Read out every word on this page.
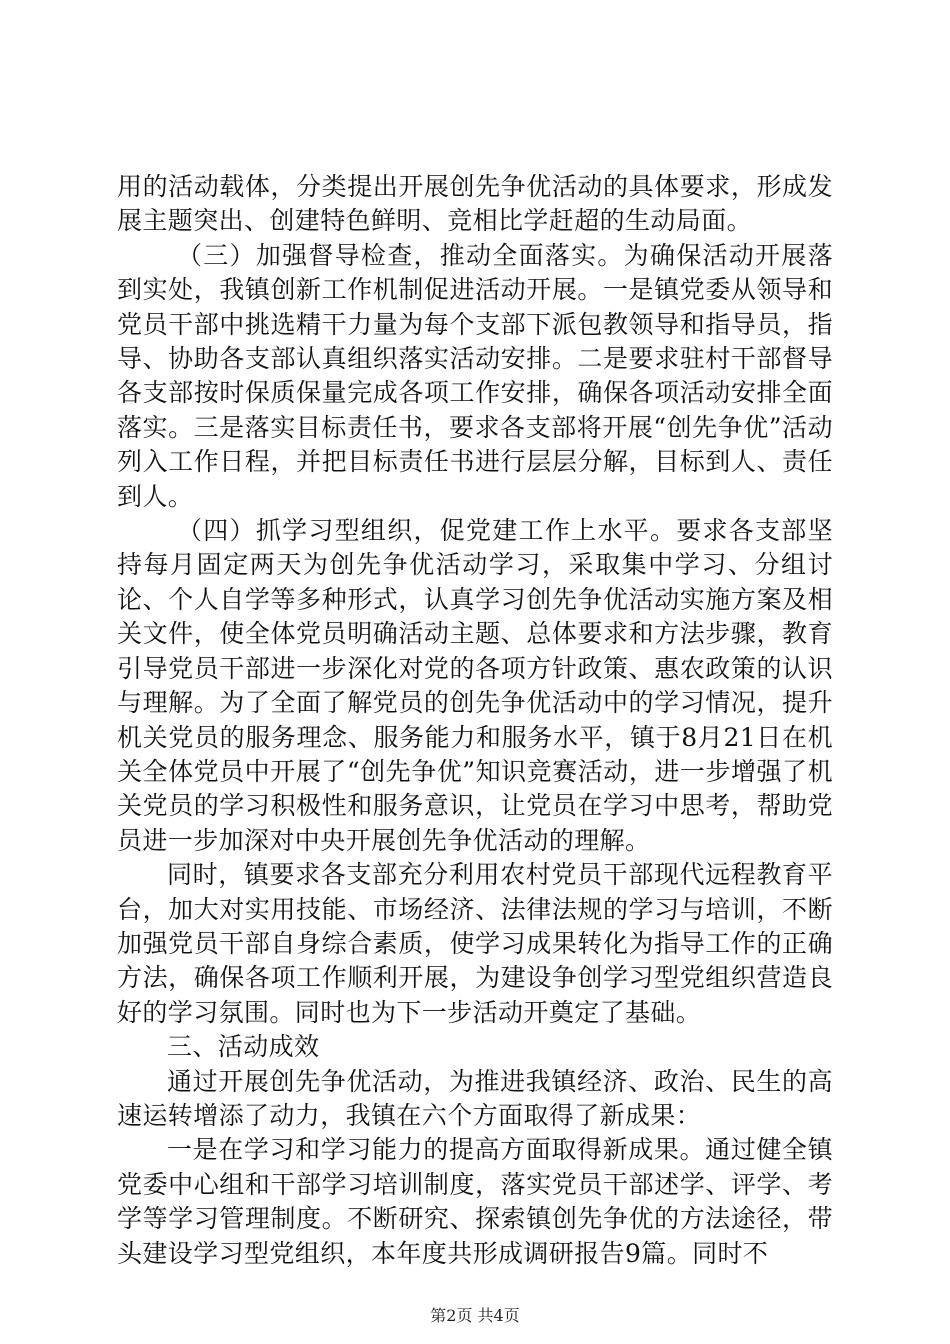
用的活动载体，分类提出开展创先争优活动的具体要求，形成发展主题突出、创建特色鲜明、竞相比学赶超的生动局面。

（三）加强督导检查，推动全面落实。为确保活动开展落到实处，我镇创新工作机制促进活动开展。一是镇党委从领导和党员干部中挑选精干力量为每个支部下派包教领导和指导员，指导、协助各支部认真组织落实活动安排。二是要求驻村干部督导各支部按时保质保量完成各项工作安排，确保各项活动安排全面落实。三是落实目标责任书，要求各支部将开展“创先争优”活动列入工作日程，并把目标责任书进行层层分解，目标到人、责任到人。

（四）抓学习型组织，促党建工作上水平。要求各支部坚持每月固定两天为创先争优活动学习，采取集中学习、分组讨论、个人自学等多种形式，认真学习创先争优活动实施方案及相关文件，使全体党员明确活动主题、总体要求和方法步骤，教育引导党员干部进一步深化对党的各项方针政策、惠农政策的认识与理解。为了全面了解党员的创先争优活动中的学习情况，提升机关党员的服务理念、服务能力和服务水平，镇于8月21日在机关全体党员中开展了“创先争优”知识竞赛活动，进一步增强了机关党员的学习积极性和服务意识，让党员在学习中思考，帮助党员进一步加深对中央开展创先争优活动的理解。

同时，镇要求各支部充分利用农村党员干部现代远程教育平台，加大对实用技能、市场经济、法律法规的学习与培训，不断加强党员干部自身综合素质，使学习成果转化为指导工作的正确方法，确保各项工作顺利开展，为建设争创学习型党组织营造良好的学习氛围。同时也为下一步活动开奠定了基础。

三、活动成效

通过开展创先争优活动，为推进我镇经济、政治、民生的高速运转增添了动力，我镇在六个方面取得了新成果：

一是在学习和学习能力的提高方面取得新成果。通过健全镇党委中心组和干部学习培训制度，落实党员干部述学、评学、考学等学习管理制度。不断研究、探索镇创先争优的方法途径，带头建设学习型党组织，本年度共形成调研报告9篇。同时不

第2页 共4页
